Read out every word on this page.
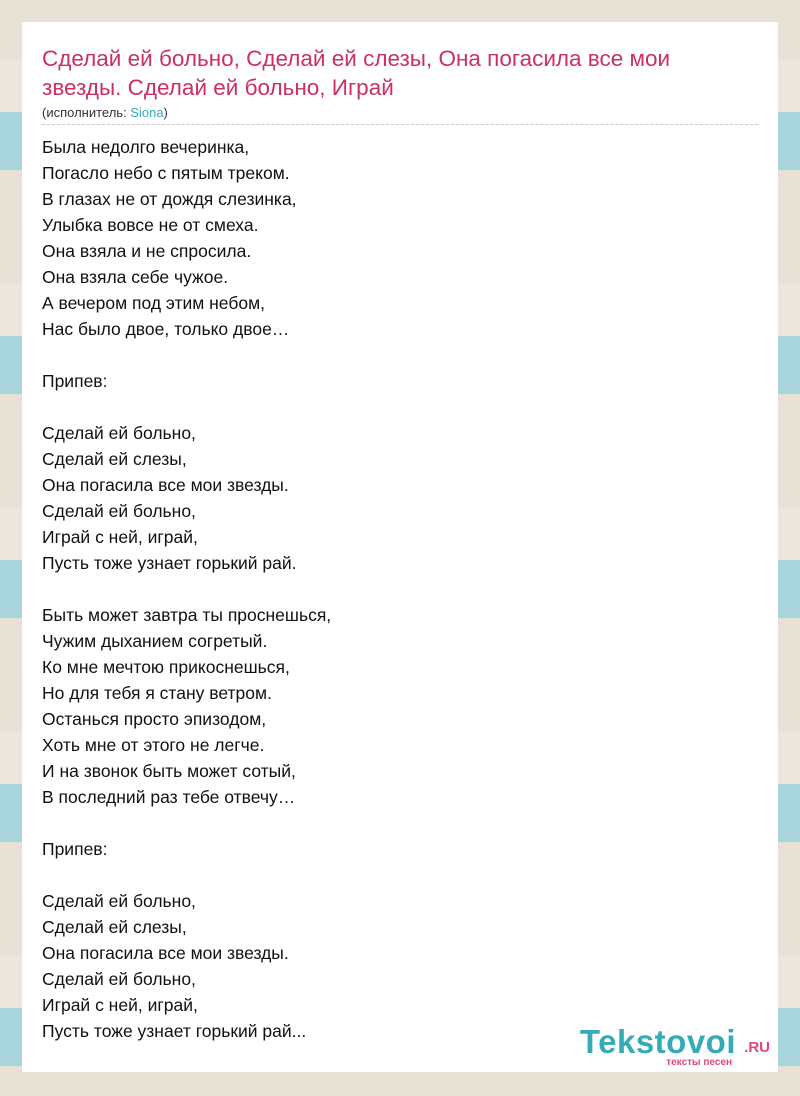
Сделай ей больно, Сделай ей слезы, Она погасила все мои звезды. Сделай ей больно, Играй
(исполнитель: Siona)
Была недолго вечеринка,
Погасло небо с пятым треком.
В глазах не от дождя слезинка,
Улыбка вовсе не от смеха.
Она взяла и не спросила.
Она взяла себе чужое.
А вечером под этим небом,
Нас было двое, только двое…
Припев:
Сделай ей больно,
Сделай ей слезы,
Она погасила все мои звезды.
Сделай ей больно,
Играй с ней, играй,
Пусть тоже узнает горький рай.
Быть может завтра ты проснешься,
Чужим дыханием согретый.
Ко мне мечтою прикоснешься,
Но для тебя я стану ветром.
Останься просто эпизодом,
Хоть мне от этого не легче.
И на звонок быть может сотый,
В последний раз тебе отвечу…
Припев:
Сделай ей больно,
Сделай ей слезы,
Она погасила все мои звезды.
Сделай ей больно,
Играй с ней, играй,
Пусть тоже узнает горький рай...	Tekstovoi .RU
тексты песен
